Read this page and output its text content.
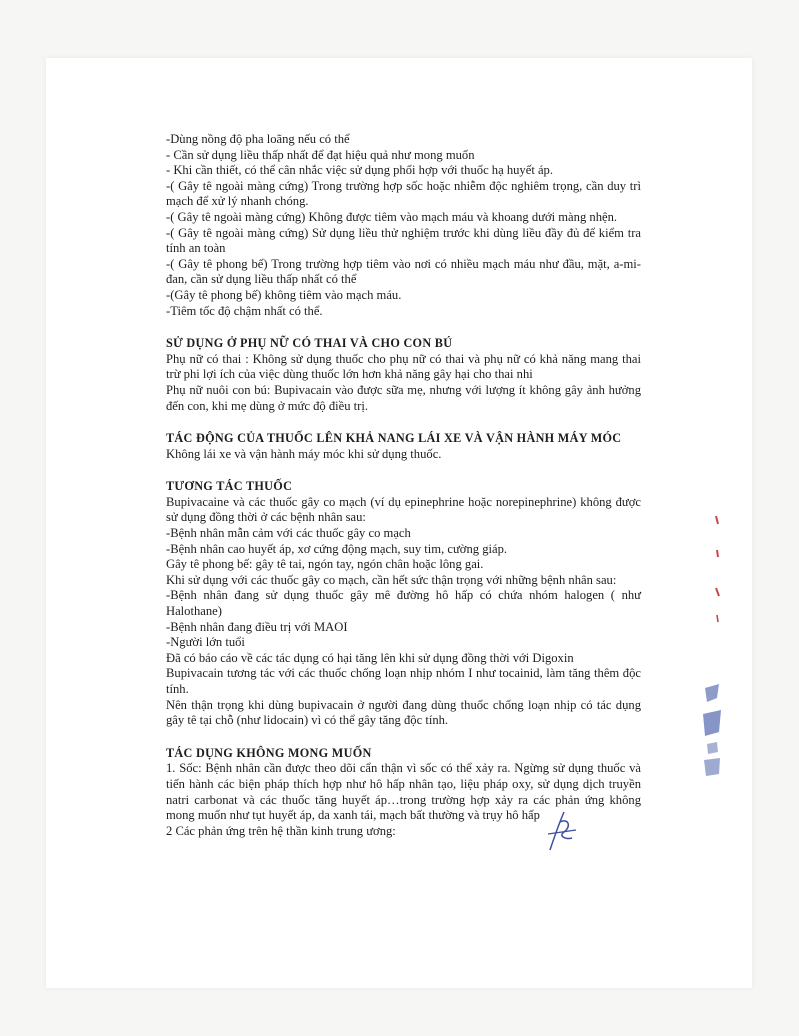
-Dùng nồng độ pha loãng nếu có thể

- Cần sử dụng liều thấp nhất để đạt hiệu quả như mong muốn

- Khi cần thiết, có thể cân nhắc việc sử dụng phối hợp với thuốc hạ huyết áp.

-( Gây tê ngoài màng cứng) Trong trường hợp sốc hoặc nhiễm độc nghiêm trọng, cần duy trì mạch để xử lý nhanh chóng.

-( Gây tê ngoài màng cứng) Không được tiêm vào mạch máu và khoang dưới màng nhện.

-( Gây tê ngoài màng cứng) Sử dụng liều thử nghiệm trước khi dùng liều đầy đủ để kiểm tra tính an toàn

-( Gây tê phong bế) Trong trường hợp tiêm vào nơi có nhiều mạch máu như đầu, mặt, a-mi-đan, cần sử dụng liều thấp nhất có thể

-(Gây tê phong bế) không tiêm vào mạch máu.

-Tiêm tốc độ chậm nhất có thể.

SỬ DỤNG Ở PHỤ NỮ CÓ THAI VÀ CHO CON BÚ

Phụ nữ có thai : Không sử dụng thuốc cho phụ nữ có thai và phụ nữ có khả năng mang thai trừ phi lợi ích của việc dùng thuốc lớn hơn khả năng gây hại cho thai nhi

Phụ nữ nuôi con bú: Bupivacain vào được sữa mẹ, nhưng với lượng ít không gây ảnh hưởng đến con, khi mẹ dùng ở mức độ điều trị.

TÁC ĐỘNG CỦA THUỐC LÊN KHẢ NANG LÁI XE VÀ VẬN HÀNH MÁY MÓC

Không lái xe và vận hành máy móc khi sử dụng thuốc.

TƯƠNG TÁC THUỐC

Bupivacaine và các thuốc gây co mạch (ví dụ epinephrine hoặc norepinephrine) không được sử dụng đồng thời ở các bệnh nhân sau:

-Bệnh nhân mẫn cảm với các thuốc gây co mạch

-Bệnh nhân cao huyết áp, xơ cứng động mạch, suy tim, cường giáp.

Gây tê phong bế: gây tê tai, ngón tay, ngón chân hoặc lông gai.

Khi sử dụng với các thuốc gây co mạch, cần hết sức thận trọng với những bệnh nhân sau:

-Bệnh nhân đang sử dụng thuốc gây mê đường hô hấp có chứa nhóm halogen ( như Halothane)

-Bệnh nhân đang điều trị với MAOI

-Người lớn tuổi

Đã có báo cáo về các tác dụng có hại tăng lên khi sử dụng đồng thời với Digoxin

Bupivacain tương tác với các thuốc chống loạn nhịp nhóm I như tocainid, làm tăng thêm độc tính.

Nên thận trọng khi dùng bupivacain ở người đang dùng thuốc chống loạn nhịp có tác dụng gây tê tại chỗ (như lidocain) vì có thể gây tăng độc tính.

TÁC DỤNG KHÔNG MONG MUỐN

1. Sốc: Bệnh nhân cần được theo dõi cẩn thận vì sốc có thể xảy ra. Ngừng sử dụng thuốc và tiến hành các biện pháp thích hợp như hô hấp nhân tạo, liệu pháp oxy, sử dụng dịch truyền natri carbonat và các thuốc tăng huyết áp…trong trường hợp xảy ra các phản ứng không mong muốn như tụt huyết áp, da xanh tái, mạch bất thường và trụy hô hấp

2 Các phản ứng trên hệ thần kinh trung ương:
